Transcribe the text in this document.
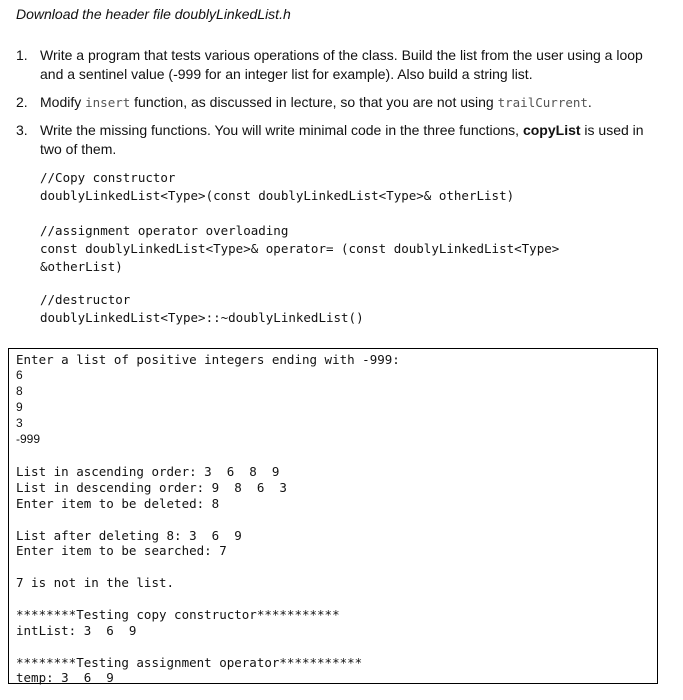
Download the header file doublyLinkedList.h
1. Write a program that tests various operations of the class. Build the list from the user using a loop and a sentinel value (-999 for an integer list for example). Also build a string list.
2. Modify insert function, as discussed in lecture, so that you are not using trailCurrent.
3. Write the missing functions. You will write minimal code in the three functions, copyList is used in two of them.
//Copy constructor
doublyLinkedList<Type>(const doublyLinkedList<Type>& otherList)
//assignment operator overloading
const doublyLinkedList<Type>& operator= (const doublyLinkedList<Type>
&otherList)
//destructor
doublyLinkedList<Type>::~doublyLinkedList()
Enter a list of positive integers ending with -999:
6
8
9
3
-999
List in ascending order: 3  6  8  9
List in descending order: 9  8  6  3
Enter item to be deleted: 8
List after deleting 8: 3  6  9
Enter item to be searched: 7
7 is not in the list.
********Testing copy constructor***********
intList: 3  6  9
********Testing assignment operator***********
temp: 3  6  9
